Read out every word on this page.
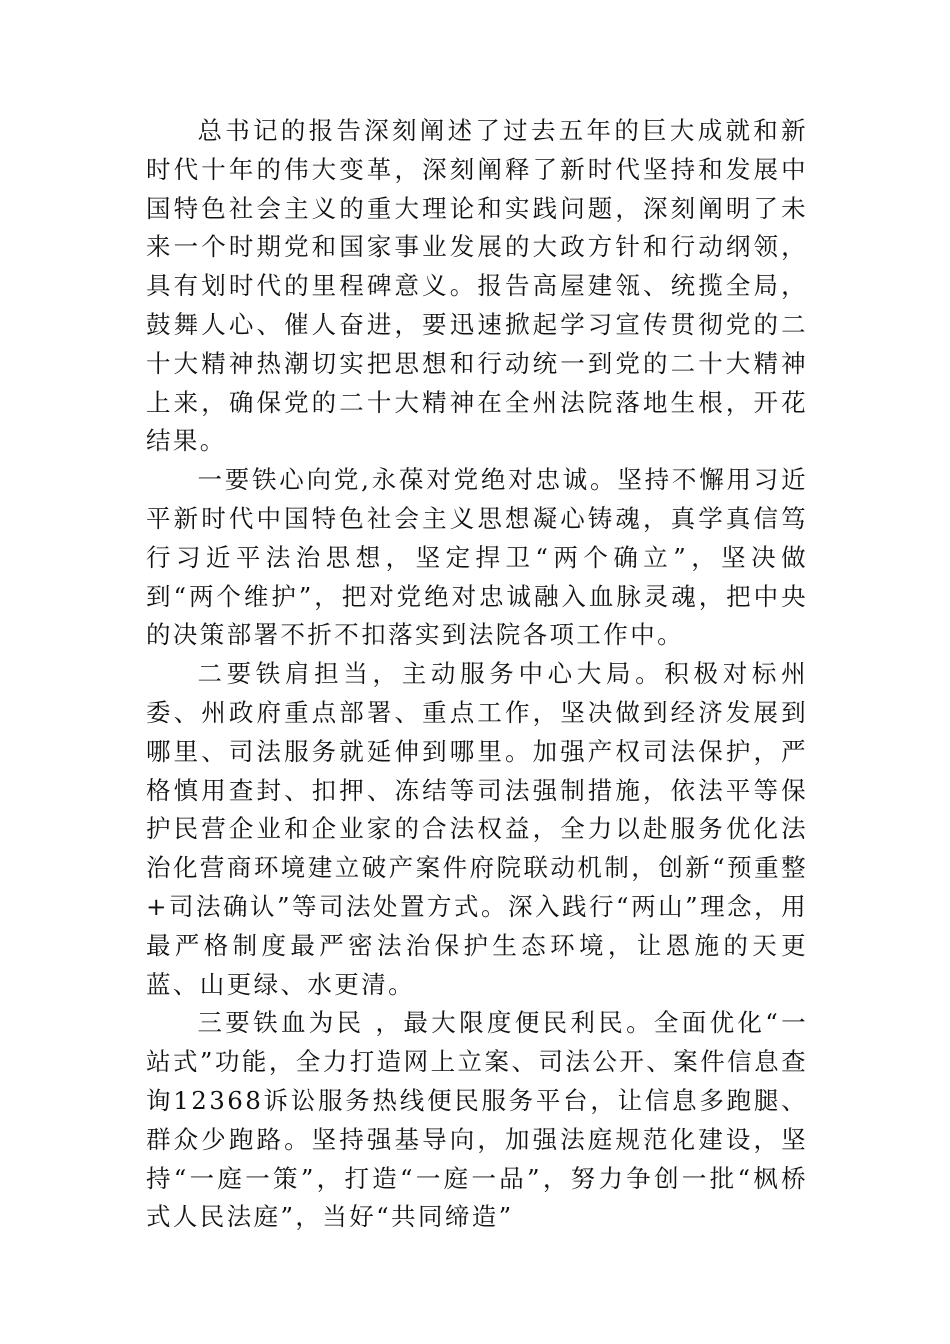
总书记的报告深刻阐述了过去五年的巨大成就和新时代十年的伟大变革，深刻阐释了新时代坚持和发展中国特色社会主义的重大理论和实践问题，深刻阐明了未来一个时期党和国家事业发展的大政方针和行动纲领，具有划时代的里程碑意义。报告高屋建瓴、统揽全局，鼓舞人心、催人奋进，要迅速掀起学习宣传贯彻党的二十大精神热潮切实把思想和行动统一到党的二十大精神上来，确保党的二十大精神在全州法院落地生根，开花结果。

一要铁心向党,永葆对党绝对忠诚。坚持不懈用习近平新时代中国特色社会主义思想凝心铸魂，真学真信笃行习近平法治思想，坚定捍卫“两个确立”，坚决做到“两个维护”，把对党绝对忠诚融入血脉灵魂，把中央的决策部署不折不扣落实到法院各项工作中。

二要铁肩担当，主动服务中心大局。积极对标州委、州政府重点部署、重点工作，坚决做到经济发展到哪里、司法服务就延伸到哪里。加强产权司法保护，严格慎用查封、扣押、冻结等司法强制措施，依法平等保护民营企业和企业家的合法权益，全力以赴服务优化法治化营商环境建立破产案件府院联动机制，创新“预重整+司法确认”等司法处置方式。深入践行“两山”理念，用最严格制度最严密法治保护生态环境，让恩施的天更蓝、山更绿、水更清。

三要铁血为民 ，最大限度便民利民。全面优化“一站式”功能，全力打造网上立案、司法公开、案件信息查询12368诉讼服务热线便民服务平台，让信息多跑腿、群众少跑路。坚持强基导向，加强法庭规范化建设，坚持“一庭一策”，打造“一庭一品”，努力争创一批“枫桥式人民法庭”，当好“共同缔造”
